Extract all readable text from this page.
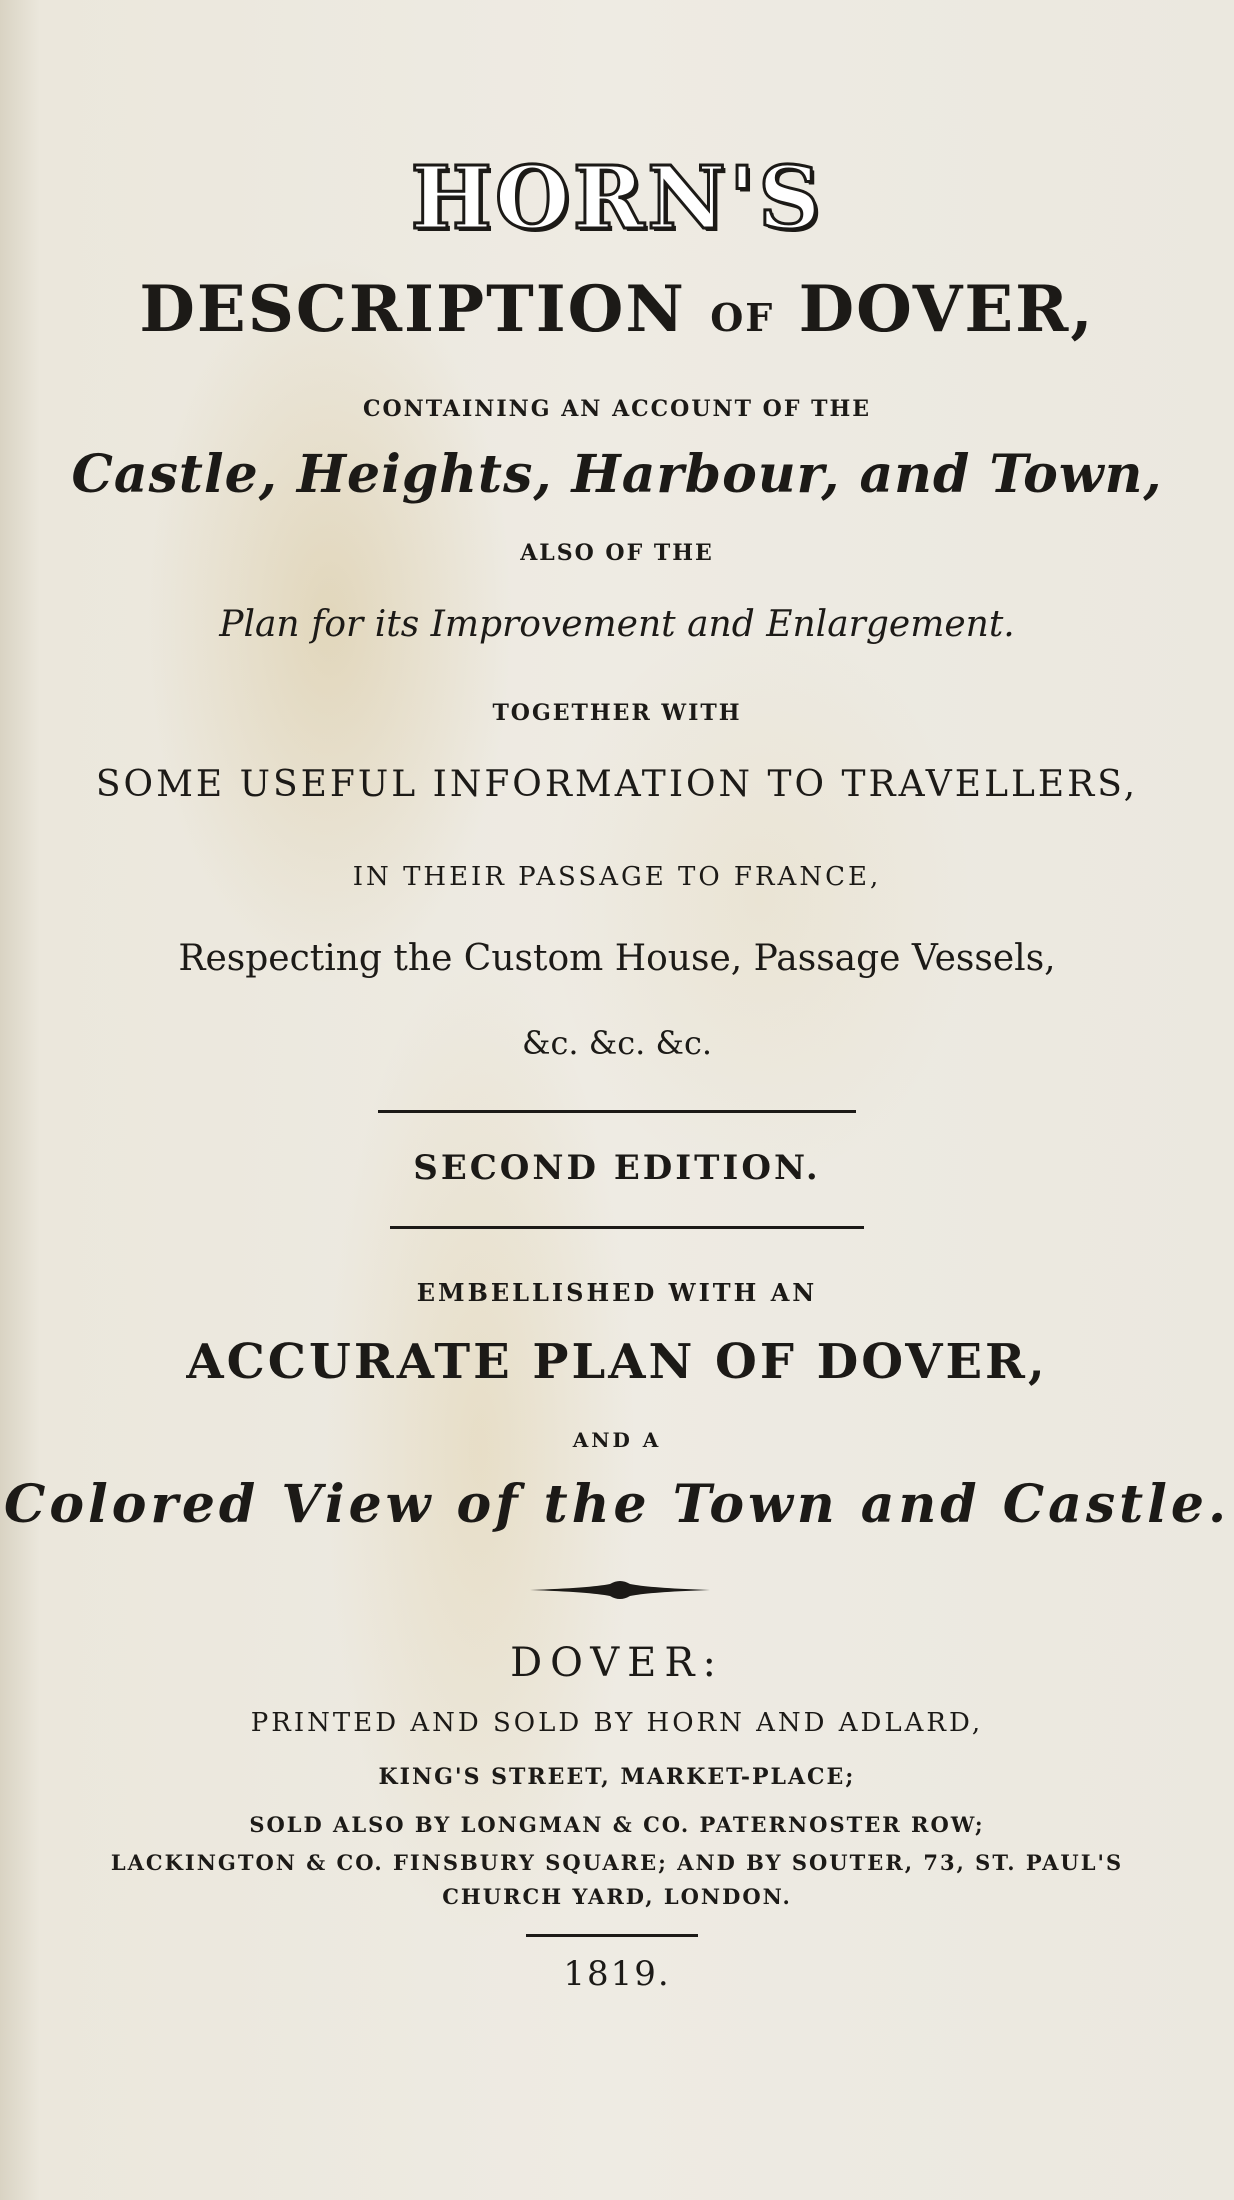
HORN'S
DESCRIPTION OF DOVER,
CONTAINING AN ACCOUNT OF THE
Castle, Heights, Harbour, and Town,
ALSO OF THE
Plan for its Improvement and Enlargement.
TOGETHER WITH
SOME USEFUL INFORMATION TO TRAVELLERS,
IN THEIR PASSAGE TO FRANCE,
Respecting the Custom House, Passage Vessels,
&c. &c. &c.
SECOND EDITION.
EMBELLISHED WITH AN
ACCURATE PLAN OF DOVER,
AND A
Colored View of the Town and Castle.
DOVER:
PRINTED AND SOLD BY HORN AND ADLARD,
KING'S STREET, MARKET-PLACE;
SOLD ALSO BY LONGMAN & CO. PATERNOSTER ROW;
LACKINGTON & CO. FINSBURY SQUARE; AND BY SOUTER, 73, ST. PAUL'S
CHURCH YARD, LONDON.
1819.
